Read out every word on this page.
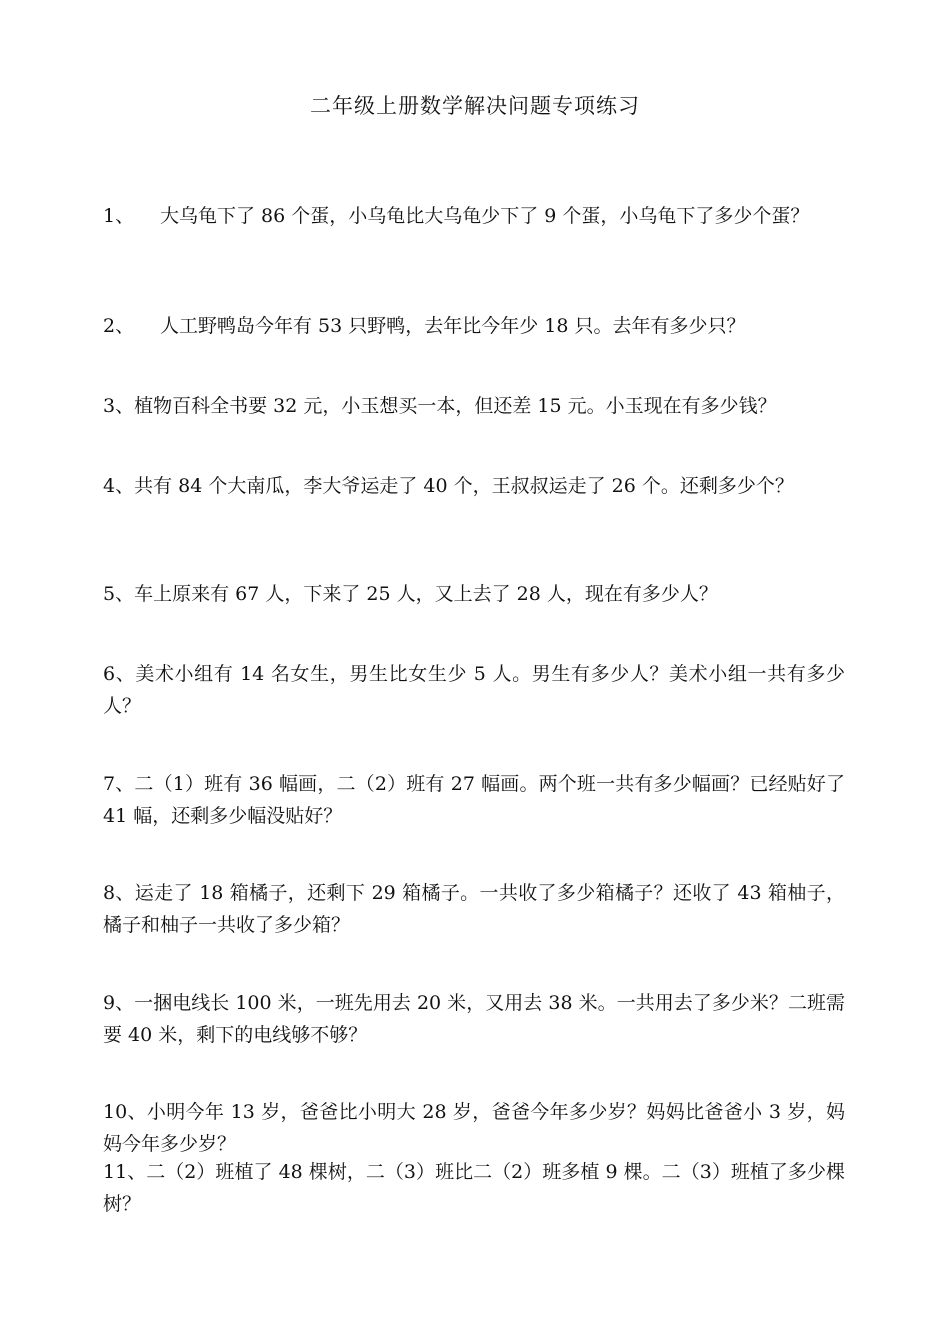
二年级上册数学解决问题专项练习
1、 大乌龟下了 86 个蛋，小乌龟比大乌龟少下了 9 个蛋，小乌龟下了多少个蛋？
2、 人工野鸭岛今年有 53 只野鸭，去年比今年少 18 只。去年有多少只？
3、植物百科全书要 32 元，小玉想买一本，但还差 15 元。小玉现在有多少钱？
4、共有 84 个大南瓜，李大爷运走了 40 个，王叔叔运走了 26 个。还剩多少个？
5、车上原来有 67 人，下来了 25 人，又上去了 28 人，现在有多少人？
6、美术小组有 14 名女生，男生比女生少 5 人。男生有多少人？美术小组一共有多少人？
7、二（1）班有 36 幅画，二（2）班有 27 幅画。两个班一共有多少幅画？已经贴好了 41 幅，还剩多少幅没贴好？
8、运走了 18 箱橘子，还剩下 29 箱橘子。一共收了多少箱橘子？还收了 43 箱柚子，橘子和柚子一共收了多少箱？
9、一捆电线长 100 米，一班先用去 20 米，又用去 38 米。一共用去了多少米？二班需要 40 米，剩下的电线够不够？
10、小明今年 13 岁，爸爸比小明大 28 岁，爸爸今年多少岁？妈妈比爸爸小 3 岁，妈妈今年多少岁？
11、二（2）班植了 48 棵树，二（3）班比二（2）班多植 9 棵。二（3）班植了多少棵树？
